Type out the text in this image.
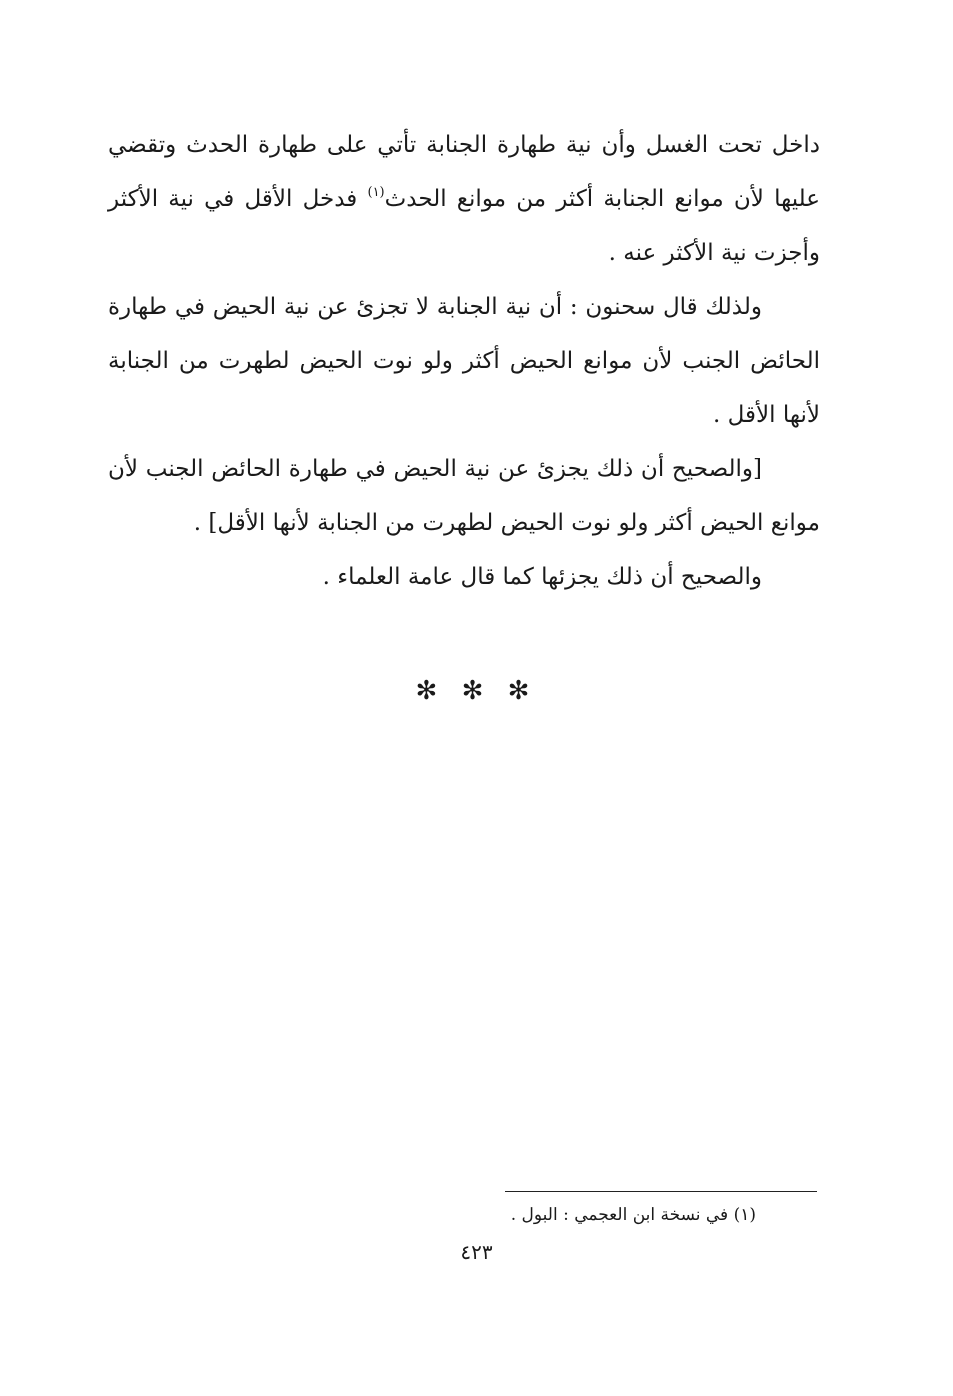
داخل تحت الغسل وأن نية طهارة الجنابة تأتي على طهارة الحدث وتقضي عليها لأن موانع الجنابة أكثر من موانع الحدث$^{(١)}$ فدخل الأقل في نية الأكثر وأجزت نية الأكثر عنه .

ولذلك قال سحنون : أن نية الجنابة لا تجزئ عن نية الحيض في طهارة الحائض الجنب لأن موانع الحيض أكثر ولو نوت الحيض لطهرت من الجنابة لأنها الأقل .

[والصحيح أن ذلك يجزئ عن نية الحيض في طهارة الحائض الجنب لأن موانع الحيض أكثر ولو نوت الحيض لطهرت من الجنابة لأنها الأقل] .

والصحيح أن ذلك يجزئها كما قال عامة العلماء .

✻ ✻ ✻
(١) في نسخة ابن العجمي : البول .
٤٢٣
